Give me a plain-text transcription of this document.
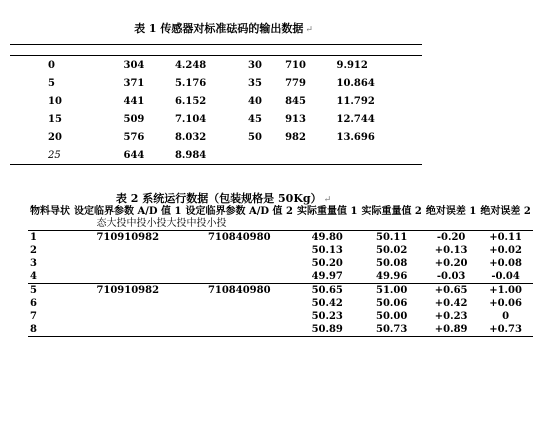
表 1 传感器对标准砝码的输出数据 ↵

0	304	4.248	30	710	9.912
5	371	5.176	35	779	10.864
10	441	6.152	40	845	11.792
15	509	7.104	45	913	12.744
20	576	8.032	50	982	13.696
25	644	8.984			
表 2 系统运行数据（包装规格是 50Kg） ↵
物料导状	设定临界参数 A/D 值 1	设定临界参数 A/D 值 2	实际重量值 1	实际重量值 2	绝对误差 1	绝对误差 2
态大投中投小投大投中投小投						
1	710910982	710840980	49.80	50.11	-0.20	+0.11
2			50.13	50.02	+0.13	+0.02
3			50.20	50.08	+0.20	+0.08
4			49.97	49.96	-0.03	-0.04
5	710910982	710840980	50.65	51.00	+0.65	+1.00
6			50.42	50.06	+0.42	+0.06
7			50.23	50.00	+0.23	0
8			50.89	50.73	+0.89	+0.73
